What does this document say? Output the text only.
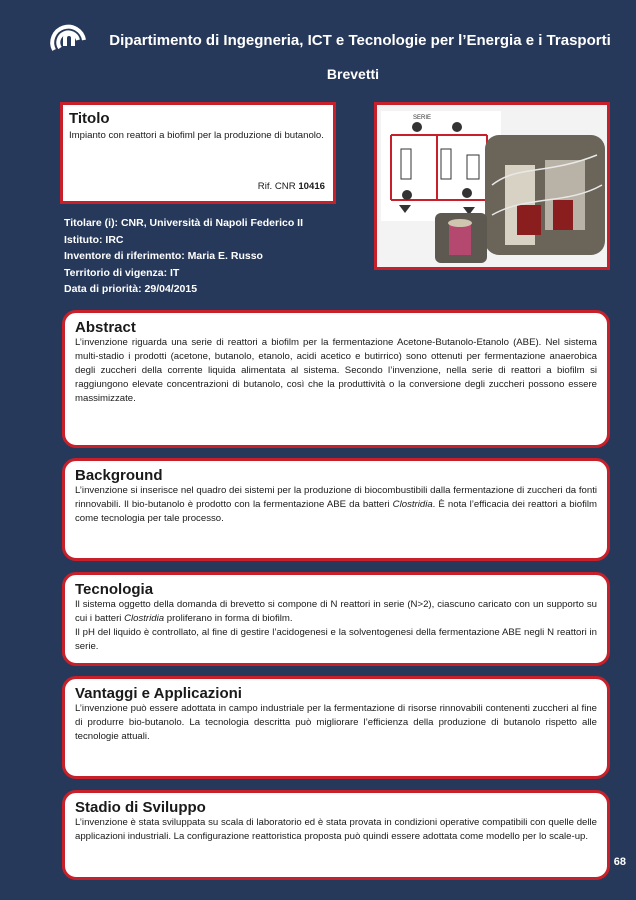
Dipartimento di Ingegneria, ICT e Tecnologie per l’Energia e i Trasporti
Brevetti
Titolo

Impianto con reattori a biofiml per la produzione di butanolo.

Rif. CNR 10416
SERIE
Titolare (i): CNR, Università di Napoli Federico II
Istituto: IRC
Inventore di riferimento: Maria E. Russo
Territorio di vigenza: IT
Data di priorità: 29/04/2015
Abstract

L’invenzione riguarda una serie di reattori a biofilm per la fermentazione Acetone-Butanolo-Etanolo (ABE). Nel sistema multi-stadio i prodotti (acetone, butanolo, etanolo, acidi acetico e butirrico) sono ottenuti per fermentazione anaerobica degli zuccheri della corrente liquida alimentata al sistema. Secondo l’invenzione, nella serie di reattori a biofilm si raggiungono elevate concentrazioni di butanolo, così che la produttività o la conversione degli zuccheri possono essere massimizzate.

Background

L’invenzione si inserisce nel quadro dei sistemi per la produzione di biocombustibili dalla fermentazione di zuccheri da fonti rinnovabili. Il bio-butanolo è prodotto con la fermentazione ABE da batteri Clostridia. È nota l’efficacia dei reattori a biofilm come tecnologia per tale processo.

Tecnologia

Il sistema oggetto della domanda di brevetto si compone di N reattori in serie (N>2), ciascuno caricato con un supporto su cui i batteri Clostridia proliferano in forma di biofilm.

Il pH del liquido è controllato, al fine di gestire l’acidogenesi e la solventogenesi della fermentazione ABE negli N reattori in serie.

Vantaggi e Applicazioni

L’invenzione può essere adottata in campo industriale per la fermentazione di risorse rinnovabili contenenti zuccheri al fine di produrre bio-butanolo. La tecnologia descritta può migliorare l’efficienza della produzione di butanolo rispetto alle tecnologie attuali.

Stadio di Sviluppo

L’invenzione è stata sviluppata su scala di laboratorio ed è stata provata in condizioni operative compatibili con quelle delle applicazioni industriali. La configurazione reattoristica proposta può quindi essere adottata come modello per lo scale-up.

68
